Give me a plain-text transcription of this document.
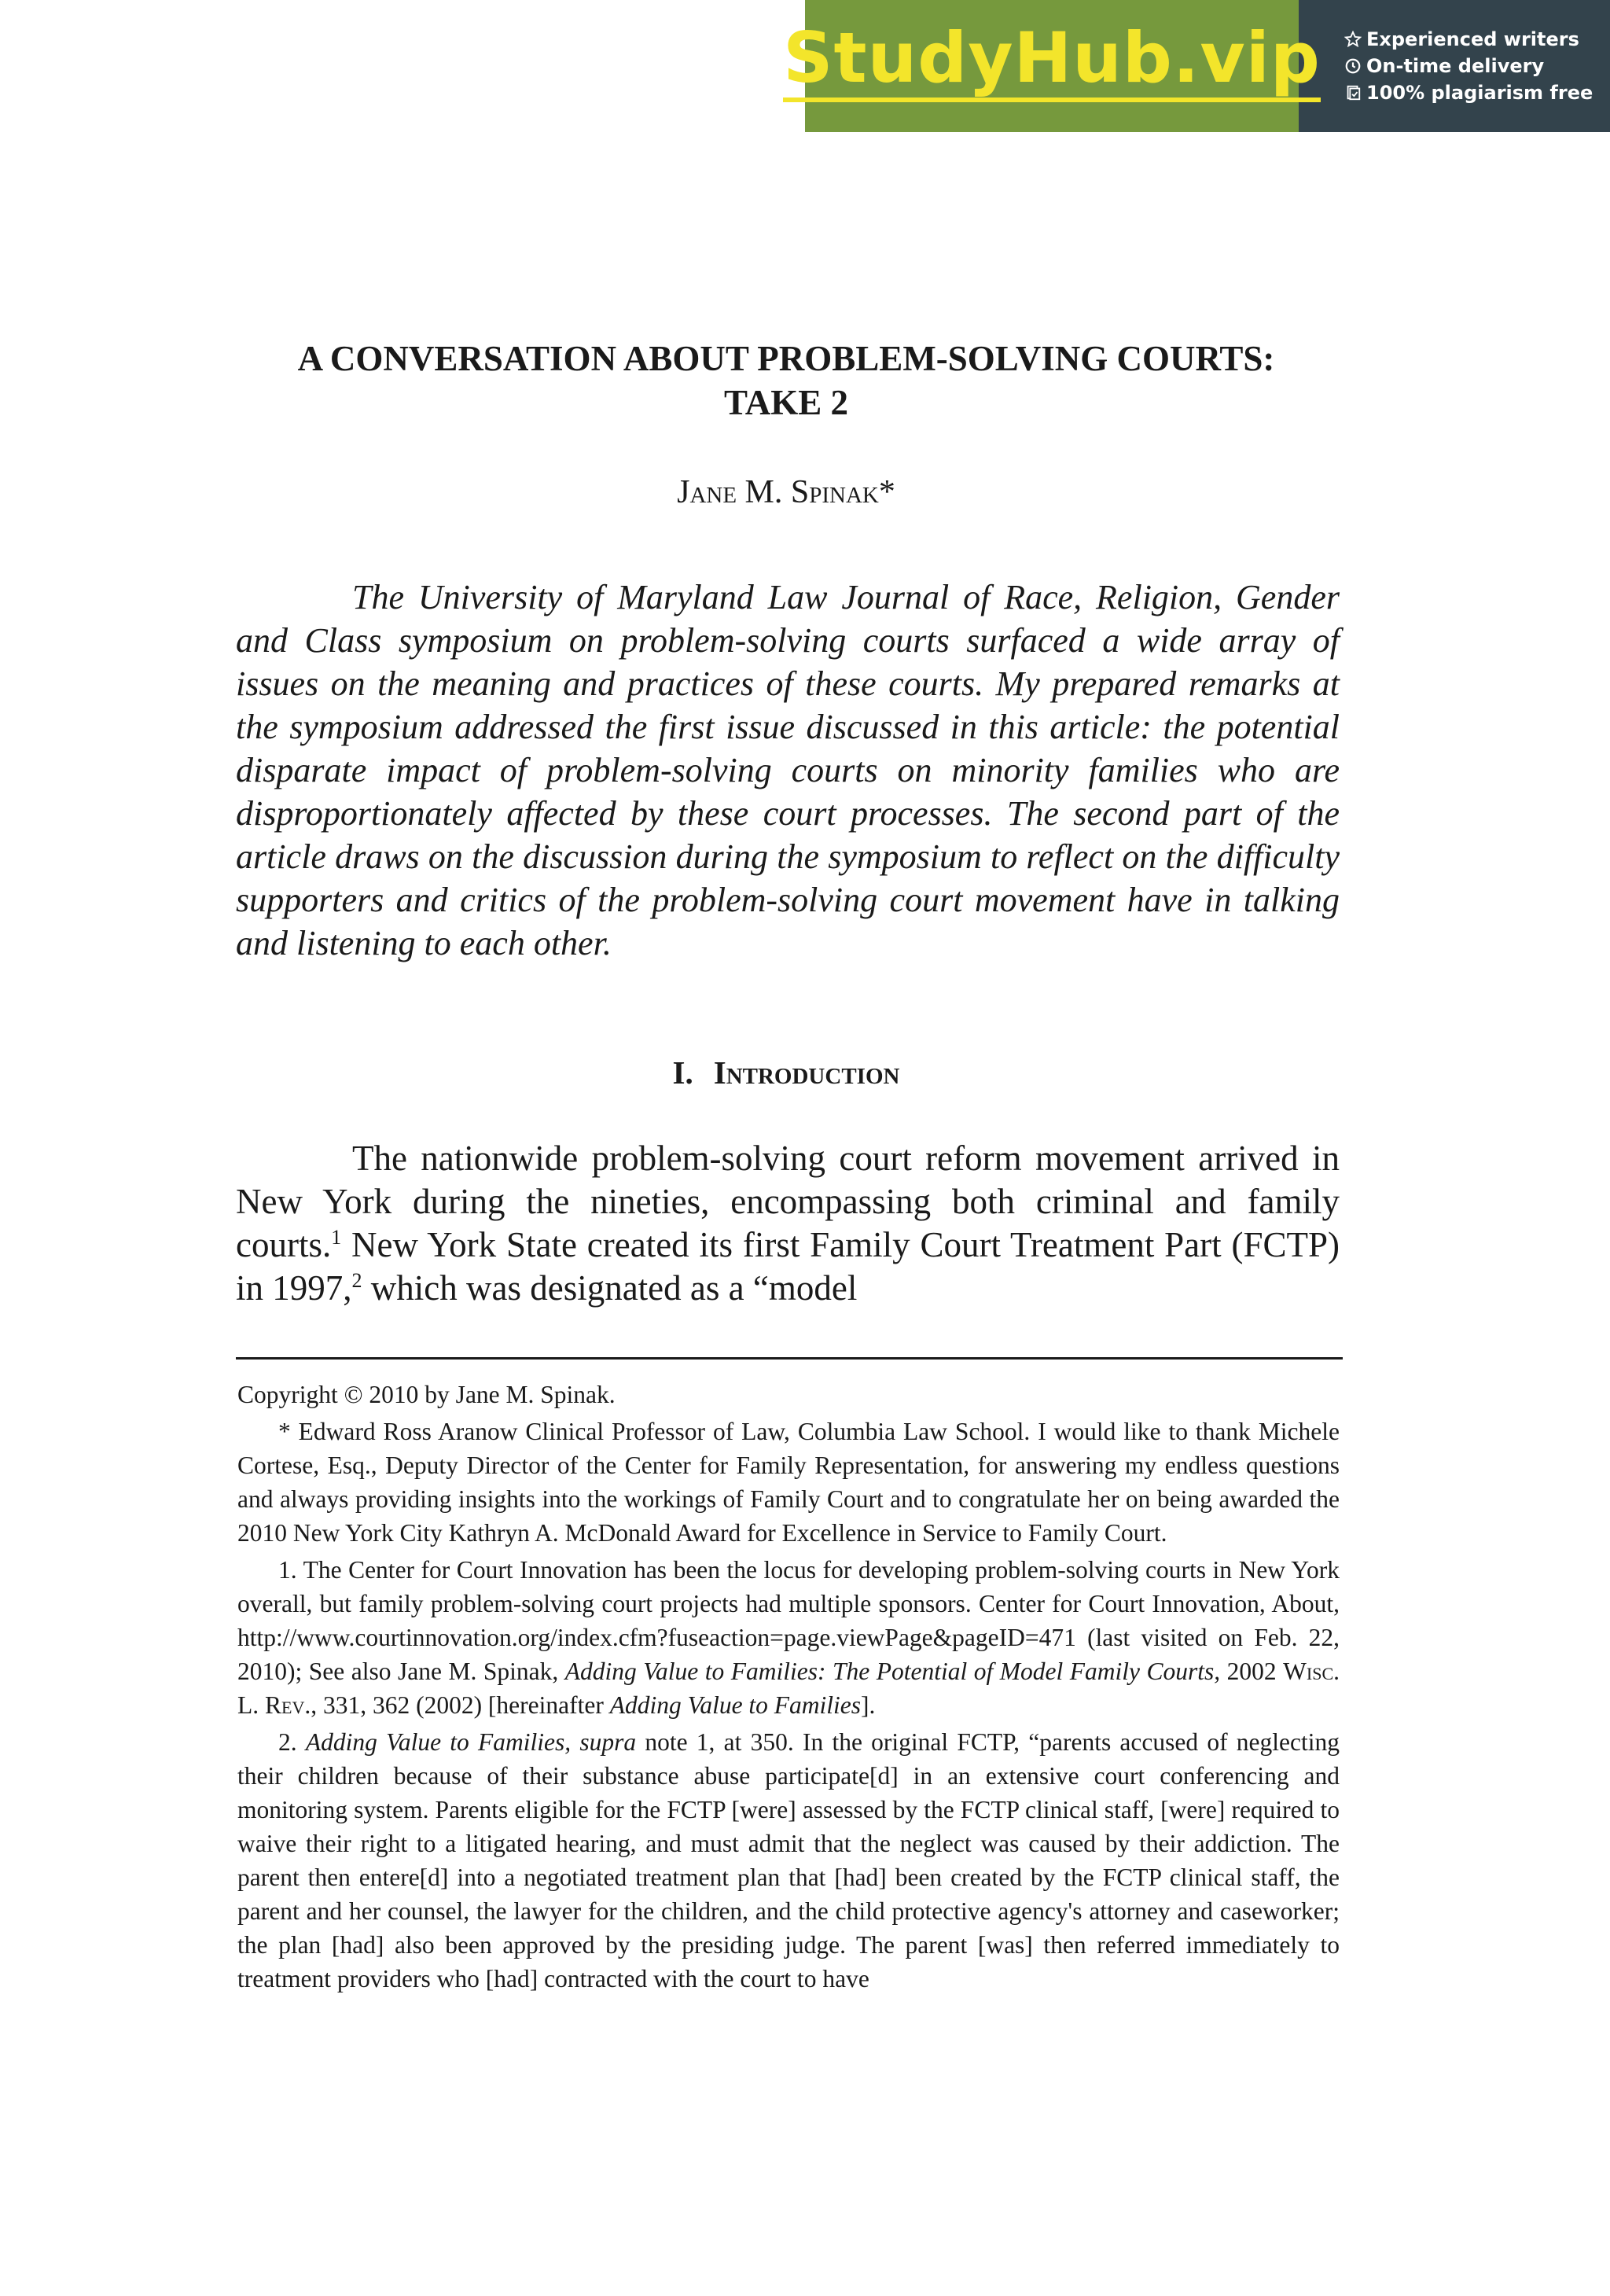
StudyHub.vip Experienced writers
On-time delivery
100% plagiarism free
A CONVERSATION ABOUT PROBLEM-SOLVING COURTS:
TAKE 2

Jane M. Spinak*

The University of Maryland Law Journal of Race, Religion, Gender and Class symposium on problem-solving courts surfaced a wide array of issues on the meaning and practices of these courts. My prepared remarks at the symposium addressed the first issue discussed in this article: the potential disparate impact of problem-solving courts on minority families who are disproportionately affected by these court processes. The second part of the article draws on the discussion during the symposium to reflect on the difficulty supporters and critics of the problem-solving court movement have in talking and listening to each other.

I. Introduction

The nationwide problem-solving court reform movement arrived in New York during the nineties, encompassing both criminal and family courts.$^1$ New York State created its first Family Court Treatment Part (FCTP) in 1997,$^2$ which was designated as a “model

Copyright © 2010 by Jane M. Spinak.

* Edward Ross Aranow Clinical Professor of Law, Columbia Law School. I would like to thank Michele Cortese, Esq., Deputy Director of the Center for Family Representation, for answering my endless questions and always providing insights into the workings of Family Court and to congratulate her on being awarded the 2010 New York City Kathryn A. McDonald Award for Excellence in Service to Family Court.

1. The Center for Court Innovation has been the locus for developing problem-solving courts in New York overall, but family problem-solving court projects had multiple sponsors. Center for Court Innovation, About, http://www.courtinnovation.org/index.cfm?fuseaction=page.viewPage&pageID=471 (last visited on Feb. 22, 2010); See also Jane M. Spinak, Adding Value to Families: The Potential of Model Family Courts, 2002 Wisc. L. Rev., 331, 362 (2002) [hereinafter Adding Value to Families].

2. Adding Value to Families, supra note 1, at 350. In the original FCTP, “parents accused of neglecting their children because of their substance abuse participate[d] in an extensive court conferencing and monitoring system. Parents eligible for the FCTP [were] assessed by the FCTP clinical staff, [were] required to waive their right to a litigated hearing, and must admit that the neglect was caused by their addiction. The parent then entere[d] into a negotiated treatment plan that [had] been created by the FCTP clinical staff, the parent and her counsel, the lawyer for the children, and the child protective agency's attorney and caseworker; the plan [had] also been approved by the presiding judge. The parent [was] then referred immediately to treatment providers who [had] contracted with the court to have
